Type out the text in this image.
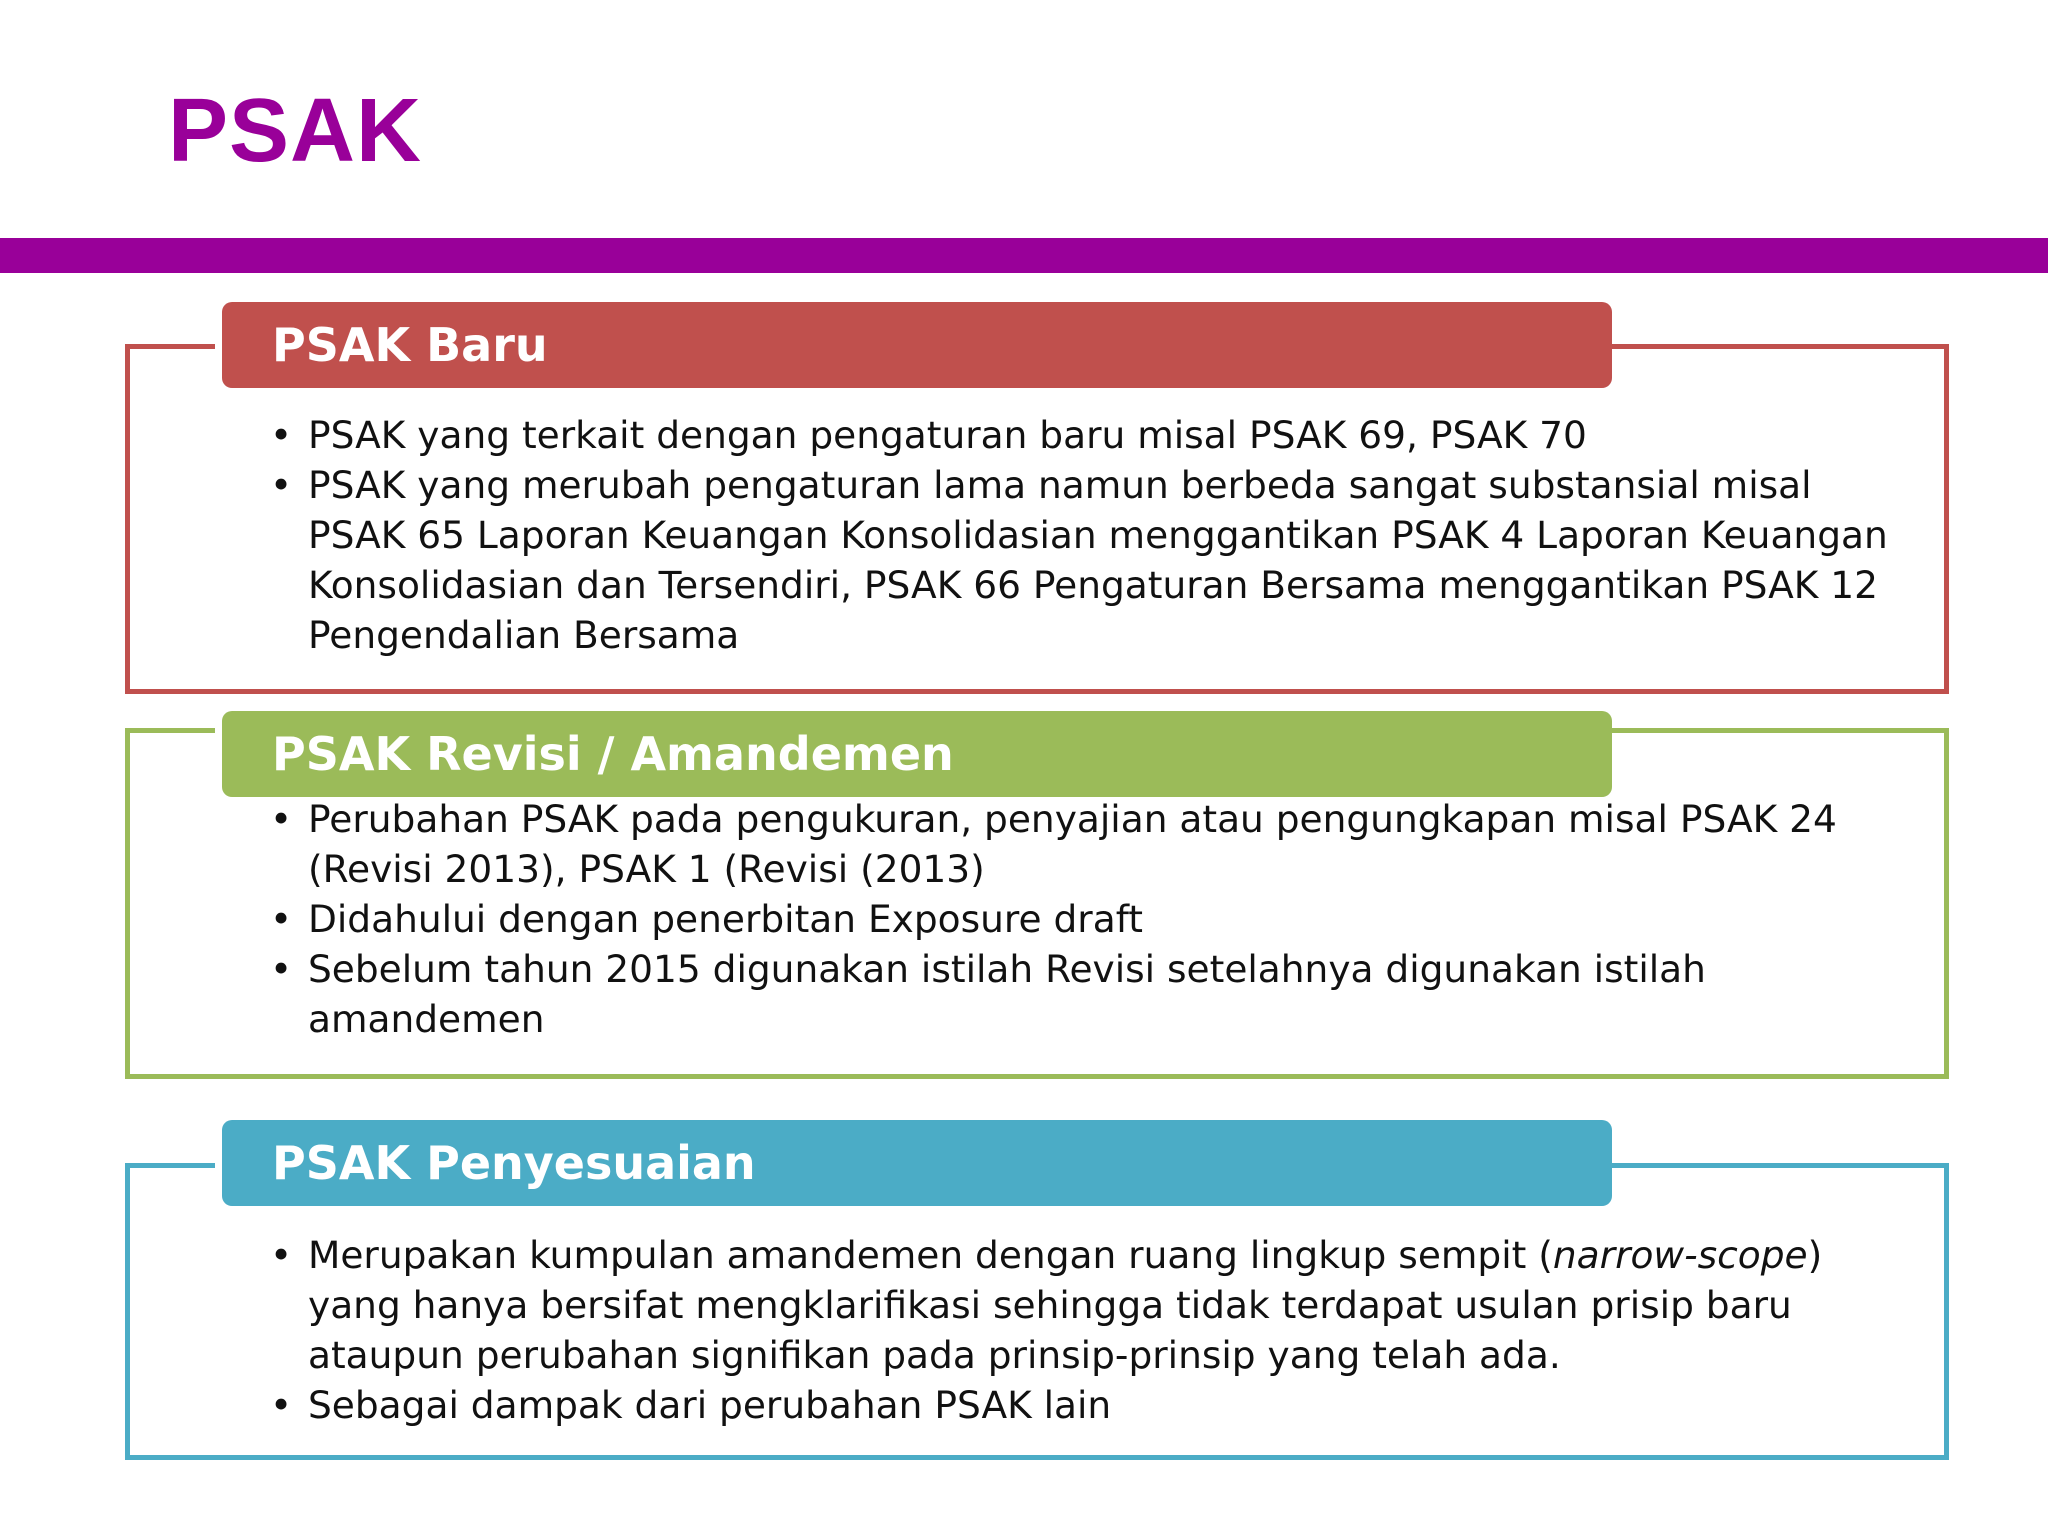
PSAK
PSAK Baru
• PSAK yang terkait dengan pengaturan baru misal PSAK 69, PSAK 70
• PSAK yang merubah pengaturan lama namun berbeda sangat substansial misal PSAK 65 Laporan Keuangan Konsolidasian menggantikan PSAK 4 Laporan Keuangan Konsolidasian dan Tersendiri, PSAK 66 Pengaturan Bersama menggantikan PSAK 12 Pengendalian Bersama
PSAK Revisi / Amandemen
• Perubahan PSAK pada pengukuran, penyajian atau pengungkapan misal PSAK 24 (Revisi 2013), PSAK 1 (Revisi (2013)
• Didahului dengan penerbitan Exposure draft
• Sebelum tahun 2015 digunakan istilah Revisi setelahnya digunakan istilah amandemen
PSAK Penyesuaian
• Merupakan kumpulan amandemen dengan ruang lingkup sempit (narrow-scope) yang hanya bersifat mengklarifikasi sehingga tidak terdapat usulan prisip baru ataupun perubahan signifikan pada prinsip-prinsip yang telah ada.
• Sebagai dampak dari perubahan PSAK lain
